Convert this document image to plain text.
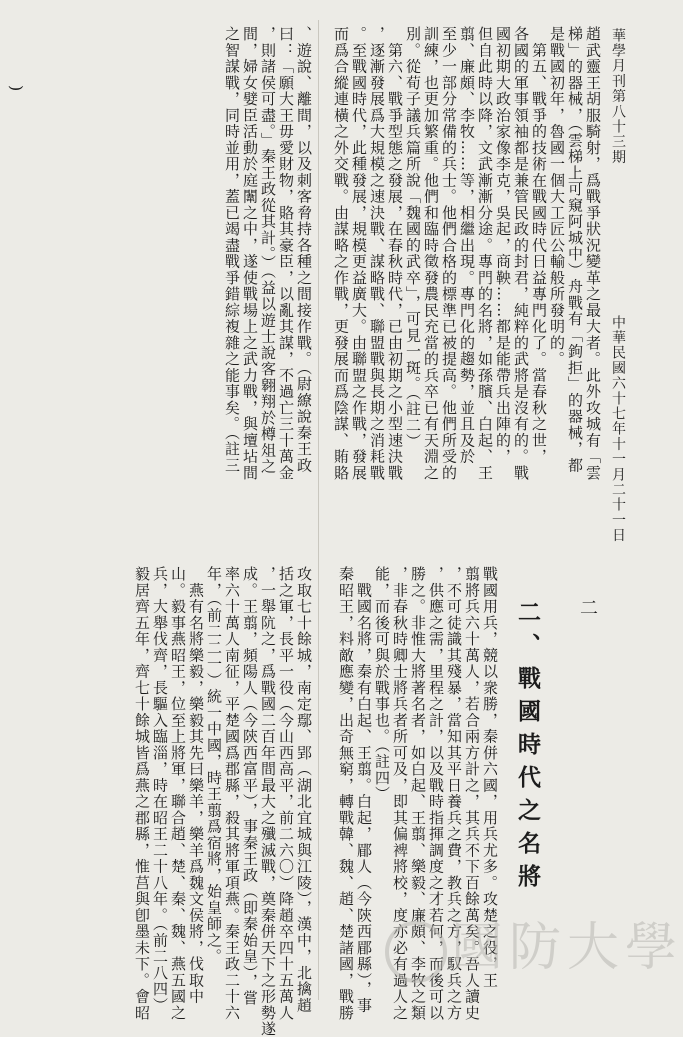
華學月刊第八十三期
中華民國六十七年十一月二十一日
趙武靈王胡服騎射，爲戰爭狀況變革之最大者。此外攻城有「雲
梯」的器械，（雲梯上可窺阿城中）舟戰有「鉤拒」的器械，都
是戰國初年，魯國一個大工匠公輸般所發明的。
　第五、戰爭的技術在戰國時代日益專門化了。當春秋之世，
各國的軍事領袖都是兼管民政的封君，純粹的武將是沒有的。戰
國初期大政治家像李克，吳起，商鞅……都是能帶兵出陣的，
但自此時以降，文武漸漸分途。專門的名將，如孫臏、白起、王
翦、廉頗、李牧……等，相繼出現。專門化的趨勢，並且及於
至少一部分常備的兵士。他們合格的標準已被提高。他們所受的
訓練，也更加繁重。他們和臨時徵發農民充當的兵卒已有天淵之
別。從荀子議兵篇所說「魏國的武卒」，可見一斑。（註二）
　第六、戰爭型態之發展，在春秋時代，已由初期之小型速決戰
，逐漸發展爲大規模之速決戰、謀略戰、聯盟戰與長期之消耗戰
。至戰國時代，此種發展，規模更益廣大。由聯盟之作戰，發展
而爲合縱連橫之外交戰。由謀略之作戰，更發展而爲陰謀、賄賂
、遊說、離間，以及刺客脅持各種之間接作戰。（尉繚說秦王政
曰：「願大王毋愛財物，賂其豪臣，以亂其謀，不過亡三十萬金
，則諸侯可盡。」秦王政從其計。）（益以遊士說客翱翔於樽俎之
間，婦女嬖臣活動於庭闈之中，遂使戰場上之武力戰，與壇坫間
之智謀戰，同時並用，蓋已竭盡戰爭錯綜複雜之能事矣。（註三
)
二、戰國時代之名將 二
戰國用兵，競以衆勝，秦併六國，用兵尤多。攻楚之役，王
翦將兵六十萬人，若合兩方計之，其兵不下百餘萬矣。吾人讀史
，不可徒識其殘暴，當知其平日養兵之費，教兵之方，馭兵之方
，供應之需，里程之計，以及戰時指揮調度之才若何，而後可以
勝之。非惟大將著名者，如白起、王翦、樂毅、廉頗、李牧之類
，非春秋時卿士將兵者所可及，即其偏裨將校，度亦必有過人之
能，而後可與於戰事也。（註四）
　戰國名將，秦有白起、王翦。白起，郿人（今陝西郿縣），事
秦昭王，料敵應變，出奇無窮，轉戰韓、魏、趙、楚諸國，戰勝
攻取七十餘城，南定鄢、郢（湖北宜城與江陵），漢中，北擒趙
括之軍，長平一役（今山西高平，前二六〇）降趙卒四十五萬人
，一舉阬之，爲戰國二百年間最大之殲滅戰，奠秦併天下之形勢遂
成。王翦，頻陽人（今陝西富平），事秦王政（即秦始皇），嘗
率六十萬人南征，平楚國爲郡縣，殺其將軍項燕。秦王政二十六
年，（前二二一）統一中國，時王翦爲宿將，始皇師之。
　燕有名將樂毅，樂毅其先曰樂羊，樂羊爲魏文侯將，伐取中
山。毅事燕昭王，位至上將軍，聯合趙、楚、秦、魏、燕五國之
兵，大舉伐齊，長驅入臨淄，時在昭王二十八年。（前二八四）
毅居齊五年，齊七十餘城皆爲燕之郡縣，惟莒與卽墨未下。會昭	國防大學
